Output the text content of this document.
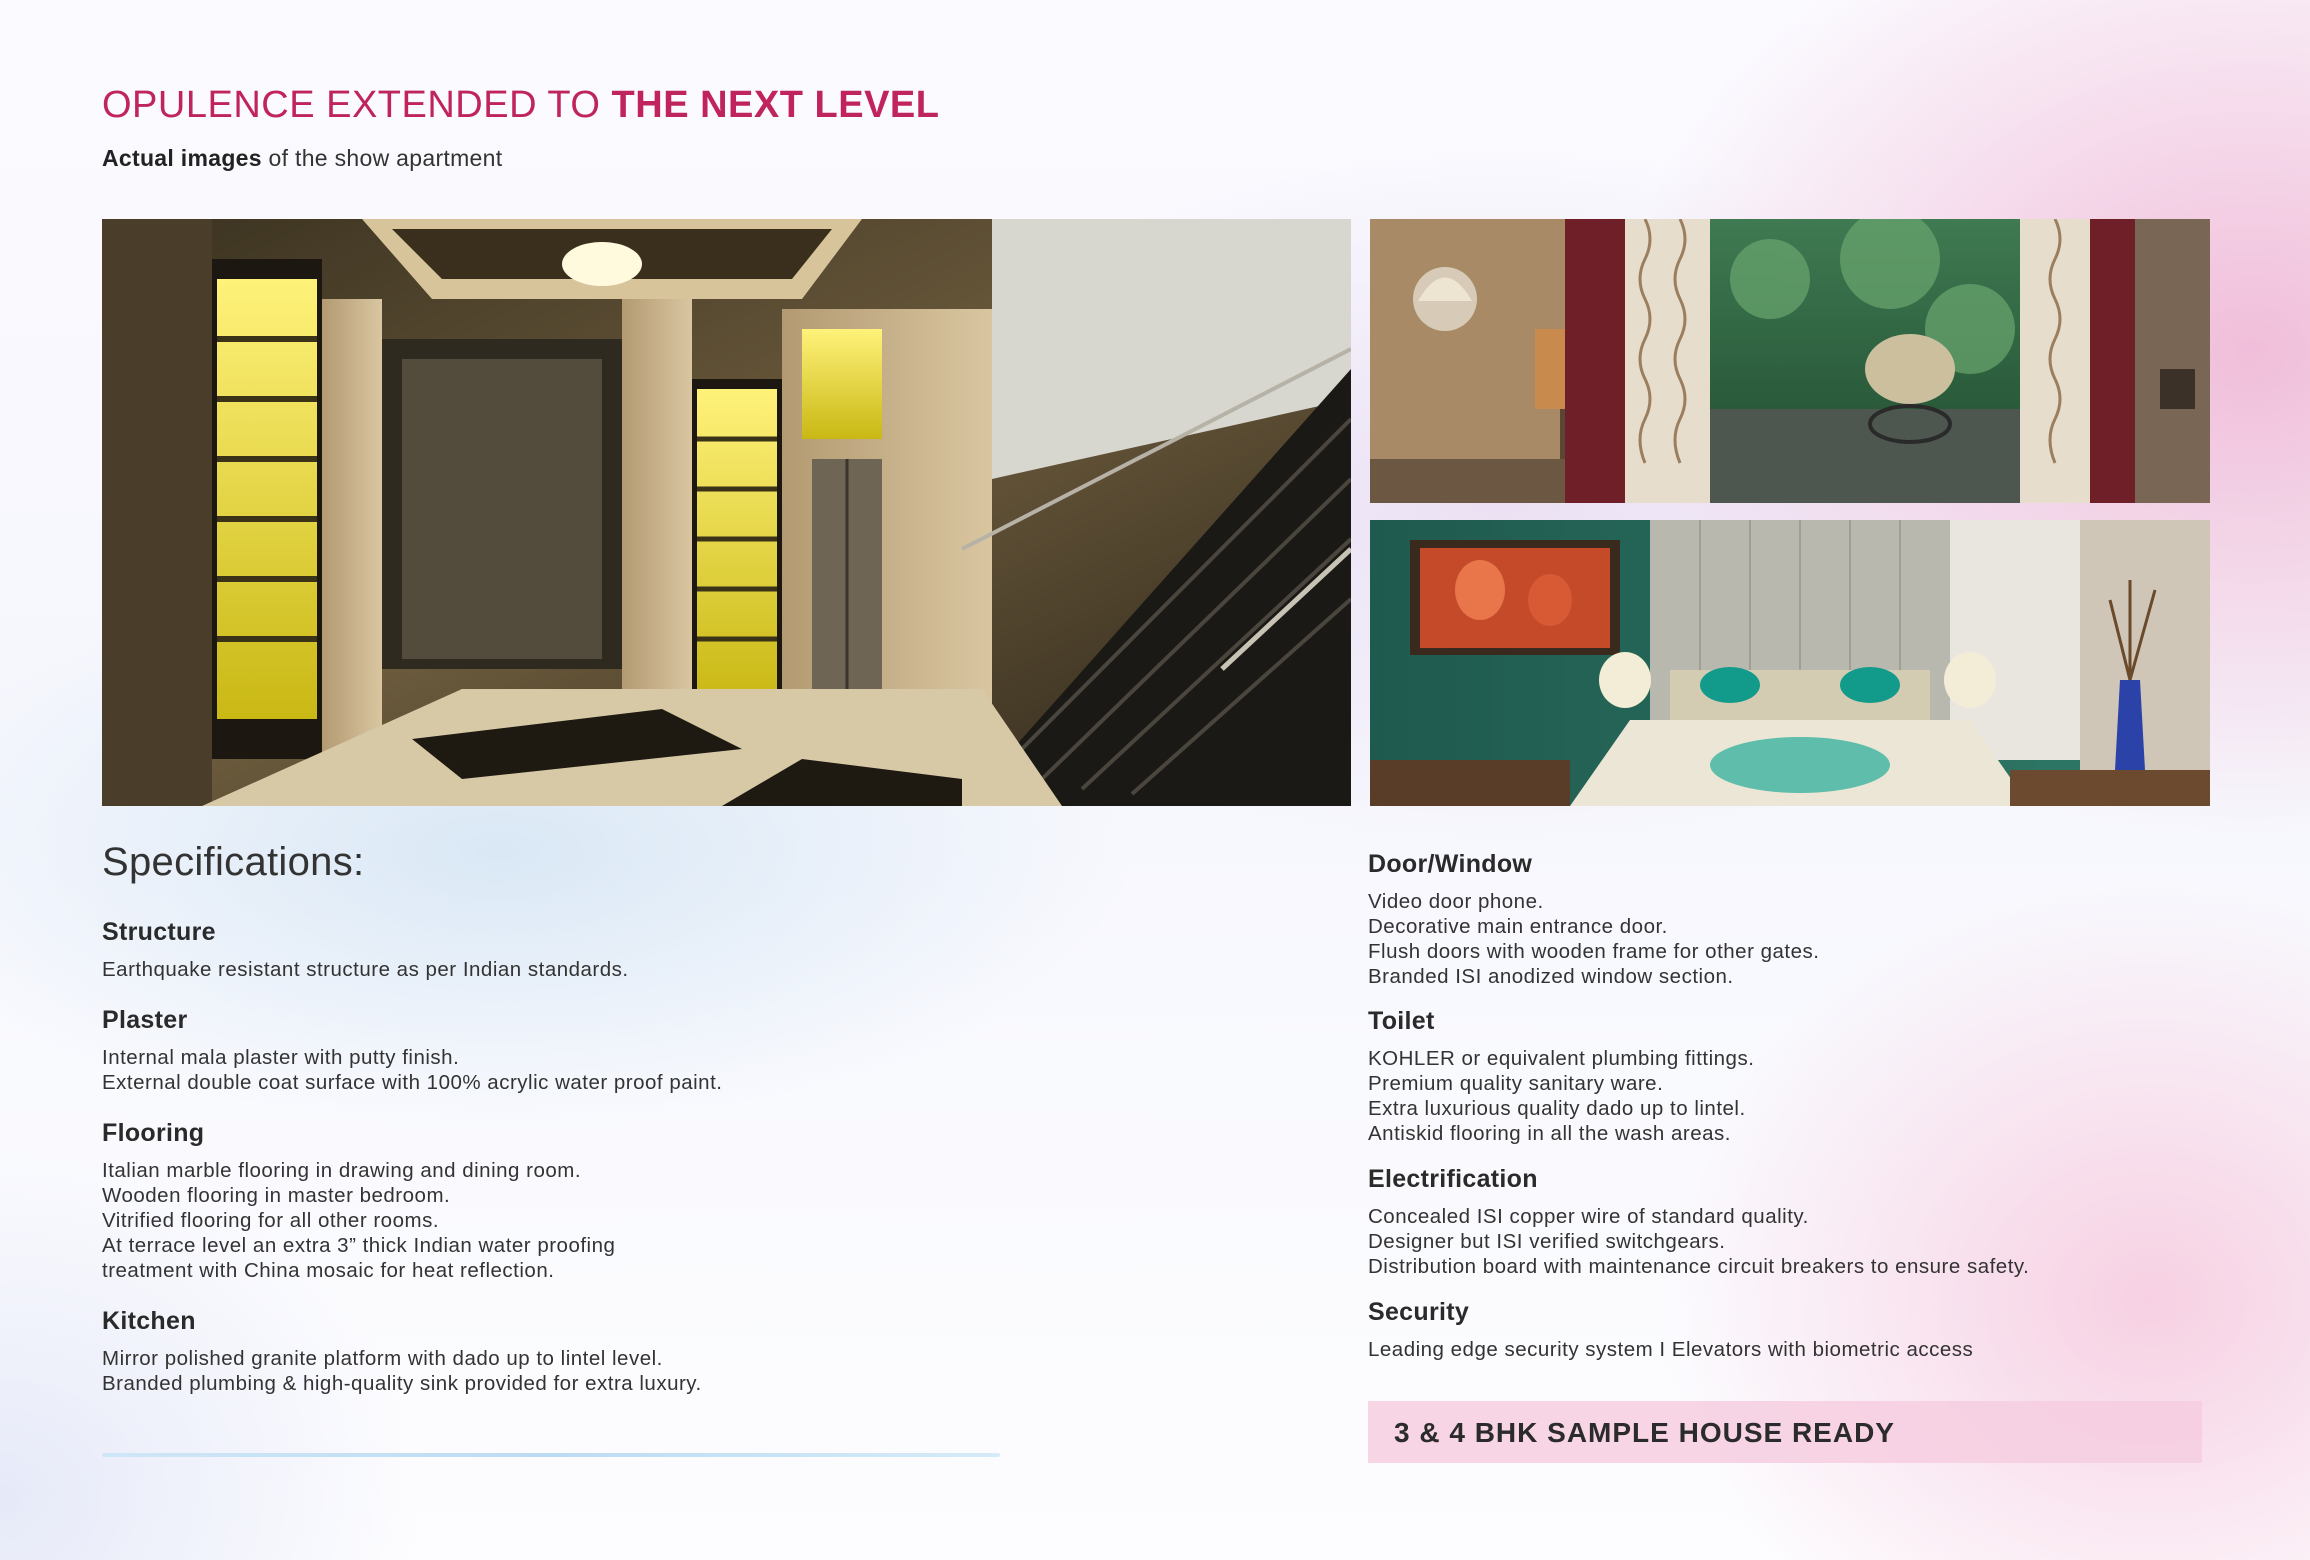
OPULENCE EXTENDED TO THE NEXT LEVEL
Actual images of the show apartment
Specifications:
Structure
Earthquake resistant structure as per Indian standards.
Plaster
Internal mala plaster with putty finish.
External double coat surface with 100% acrylic water proof paint.
Flooring
Italian marble flooring in drawing and dining room.
Wooden flooring in master bedroom.
Vitrified flooring for all other rooms.
At terrace level an extra 3” thick Indian water proofing
treatment with China mosaic for heat reflection.
Kitchen
Mirror polished granite platform with dado up to lintel level.
Branded plumbing & high-quality sink provided for extra luxury.
Door/Window
Video door phone.
Decorative main entrance door.
Flush doors with wooden frame for other gates.
Branded ISI anodized window section.
Toilet
KOHLER or equivalent plumbing fittings.
Premium quality sanitary ware.
Extra luxurious quality dado up to lintel.
Antiskid flooring in all the wash areas.
Electrification
Concealed ISI copper wire of standard quality.
Designer but ISI verified switchgears.
Distribution board with maintenance circuit breakers to ensure safety.
Security
Leading edge security system I Elevators with biometric access
3 & 4 BHK SAMPLE HOUSE READY
